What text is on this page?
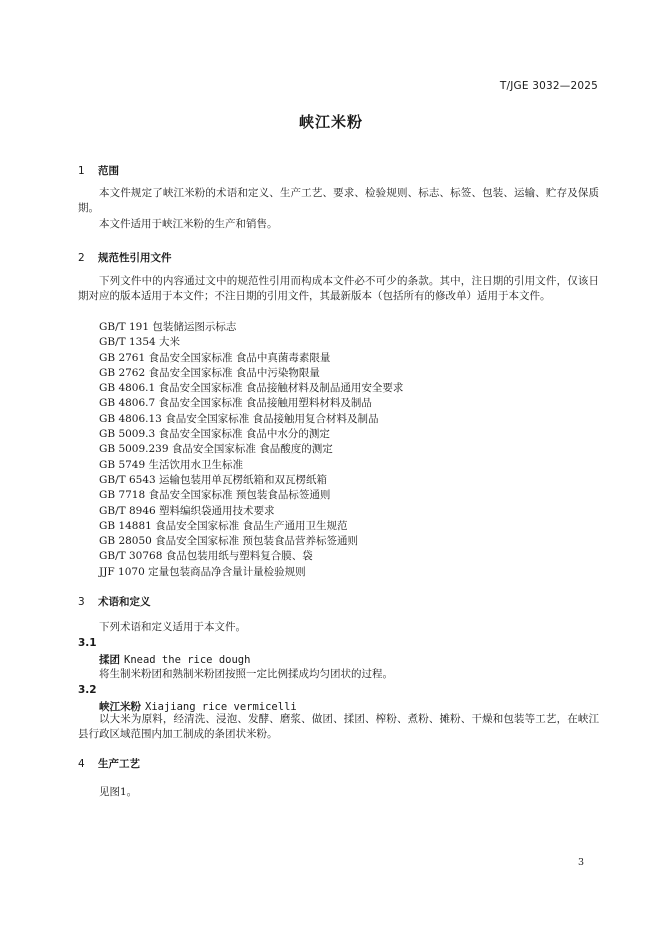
T/JGE 3032—2025
峡江米粉
1 范围
本文件规定了峡江米粉的术语和定义、生产工艺、要求、检验规则、标志、标签、包装、运输、贮存及保质期。
本文件适用于峡江米粉的生产和销售。
2 规范性引用文件
下列文件中的内容通过文中的规范性引用而构成本文件必不可少的条款。其中，注日期的引用文件，仅该日期对应的版本适用于本文件；不注日期的引用文件，其最新版本（包括所有的修改单）适用于本文件。
GB/T 191 包装储运图示标志
GB/T 1354 大米
GB 2761 食品安全国家标准 食品中真菌毒素限量
GB 2762 食品安全国家标准 食品中污染物限量
GB 4806.1 食品安全国家标准 食品接触材料及制品通用安全要求
GB 4806.7 食品安全国家标准 食品接触用塑料材料及制品
GB 4806.13 食品安全国家标准 食品接触用复合材料及制品
GB 5009.3 食品安全国家标准 食品中水分的测定
GB 5009.239 食品安全国家标准 食品酸度的测定
GB 5749 生活饮用水卫生标准
GB/T 6543 运输包装用单瓦楞纸箱和双瓦楞纸箱
GB 7718 食品安全国家标准 预包装食品标签通则
GB/T 8946 塑料编织袋通用技术要求
GB 14881 食品安全国家标准 食品生产通用卫生规范
GB 28050 食品安全国家标准 预包装食品营养标签通则
GB/T 30768 食品包装用纸与塑料复合膜、袋
JJF 1070 定量包装商品净含量计量检验规则
3 术语和定义
下列术语和定义适用于本文件。
3.1
揉团 Knead the rice dough
将生制米粉团和熟制米粉团按照一定比例揉成均匀团状的过程。
3.2
峡江米粉 Xiajiang rice vermicelli
以大米为原料，经清洗、浸泡、发酵、磨浆、做团、揉团、榨粉、煮粉、摊粉、干燥和包装等工艺，在峡江县行政区域范围内加工制成的条团状米粉。
4 生产工艺
见图1。
3
